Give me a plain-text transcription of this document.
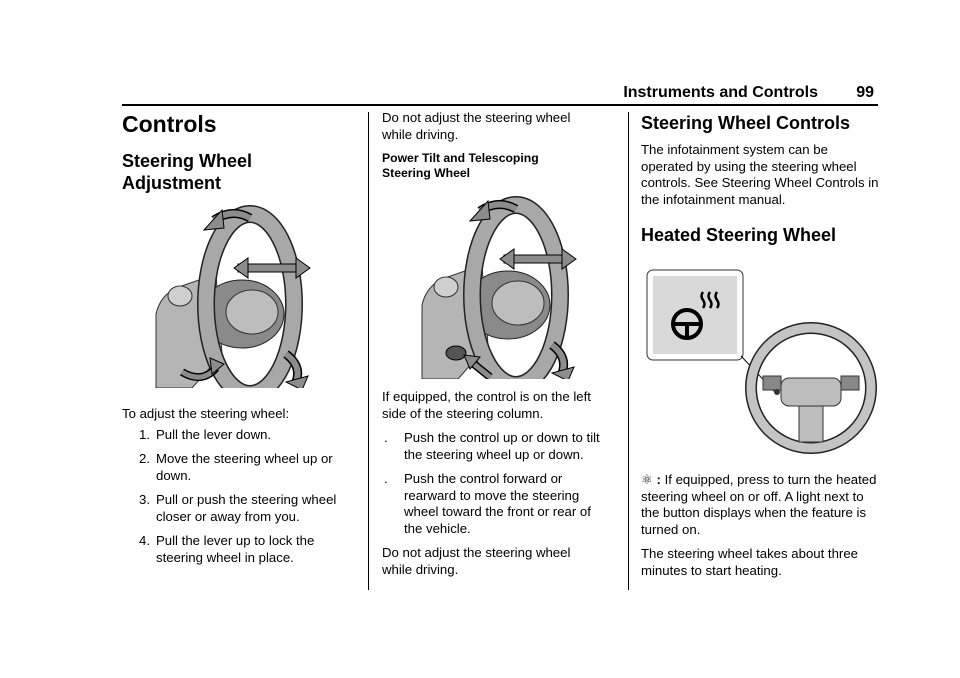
Instruments and Controls 99
Controls
Steering Wheel Adjustment

To adjust the steering wheel:

1. Pull the lever down.
2. Move the steering wheel up or down.
3. Pull or push the steering wheel closer or away from you.
4. Pull the lever up to lock the steering wheel in place.

Do not adjust the steering wheel while driving.

Power Tilt and Telescoping Steering Wheel

If equipped, the control is on the left side of the steering column.

.	Push the control up or down to tilt the steering wheel up or down.
.	Push the control forward or rearward to move the steering wheel toward the front or rear of the vehicle.

Do not adjust the steering wheel while driving.

Steering Wheel Controls

The infotainment system can be operated by using the steering wheel controls. See Steering Wheel Controls in the infotainment manual.

Heated Steering Wheel

⚛ : If equipped, press to turn the heated steering wheel on or off. A light next to the button displays when the feature is turned on.

The steering wheel takes about three minutes to start heating.
